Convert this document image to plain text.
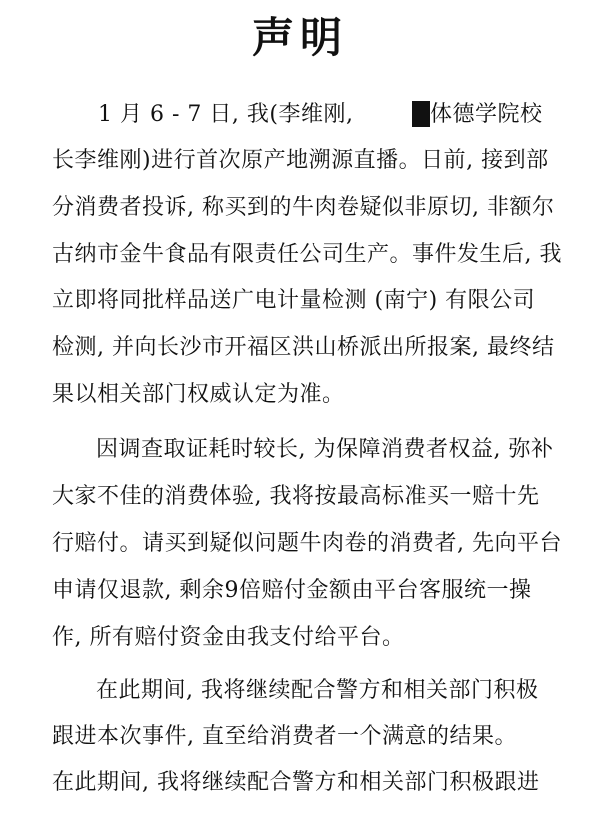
声明
1 月 6 - 7 日, 我(李维刚,	体德学院校
长李维刚)进行首次原产地溯源直播。日前, 接到部
分消费者投诉, 称买到的牛肉卷疑似非原切, 非额尔
古纳市金牛食品有限责任公司生产。事件发生后, 我
立即将同批样品送广电计量检测 (南宁) 有限公司
检测, 并向长沙市开福区洪山桥派出所报案, 最终结
果以相关部门权威认定为准。
因调查取证耗时较长, 为保障消费者权益, 弥补
大家不佳的消费体验, 我将按最高标准买一赔十先
行赔付。请买到疑似问题牛肉卷的消费者, 先向平台
申请仅退款, 剩余9倍赔付金额由平台客服统一操
作, 所有赔付资金由我支付给平台。
在此期间, 我将继续配合警方和相关部门积极
跟进本次事件, 直至给消费者一个满意的结果。
在此期间, 我将继续配合警方和相关部门积极跟进
